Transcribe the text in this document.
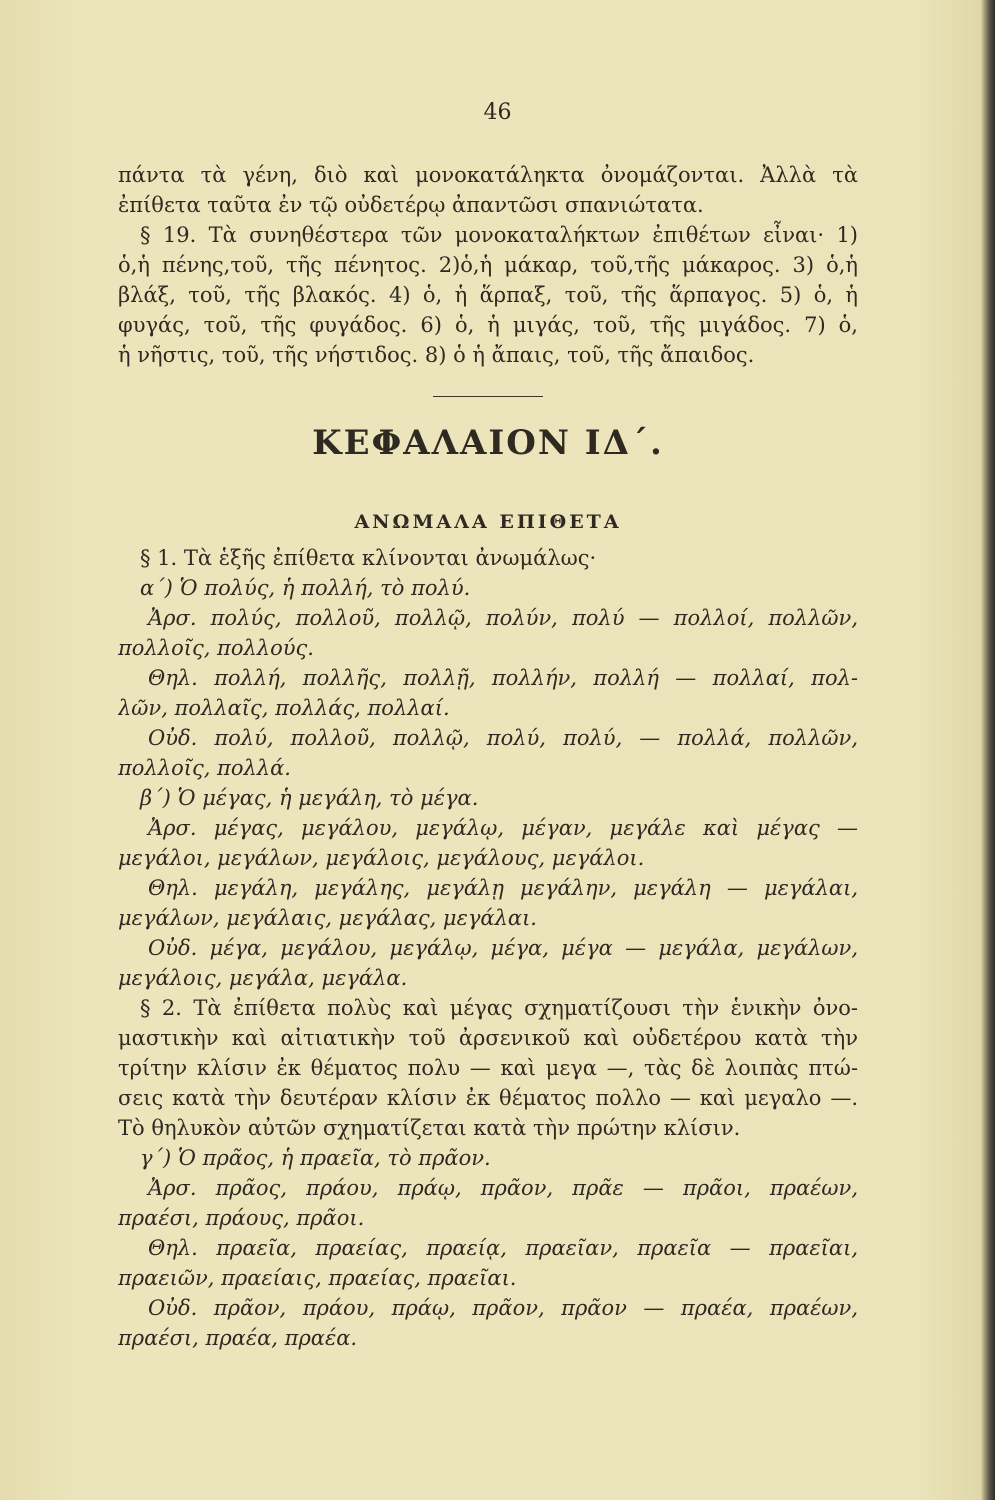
46
πάντα τὰ γένη, διὸ καὶ μονοκατάληκτα ὀνομάζονται. Ἀλλὰ τὰ
ἐπίθετα ταῦτα ἐν τῷ οὐδετέρῳ ἀπαντῶσι σπανιώτατα.
§ 19. Τὰ συνηθέστερα τῶν μονοκαταλήκτων ἐπιθέτων εἶναι· 1)
ὁ,ἡ πένης,τοῦ, τῆς πένητος. 2)ὁ,ἡ μάκαρ, τοῦ,τῆς μάκαρος. 3) ὁ,ἡ
βλάξ, τοῦ, τῆς βλακός. 4) ὁ, ἡ ἅρπαξ, τοῦ, τῆς ἅρπαγος. 5) ὁ, ἡ
φυγάς, τοῦ, τῆς φυγάδος. 6) ὁ, ἡ μιγάς, τοῦ, τῆς μιγάδος. 7) ὁ,
ἡ νῆστις, τοῦ, τῆς νήστιδος. 8) ὁ ἡ ἄπαις, τοῦ, τῆς ἄπαιδος.
ΚΕΦΑΛΑΙΟΝ ΙΔ΄.
ΑΝΩΜΑΛΑ ΕΠΙΘΕΤΑ
§ 1. Τὰ ἑξῆς ἐπίθετα κλίνονται ἀνωμάλως·
α΄) Ὁ πολύς, ἡ πολλή, τὸ πολύ.
Ἀρσ. πολύς, πολλοῦ, πολλῷ, πολύν, πολύ — πολλοί, πολλῶν,
πολλοῖς, πολλούς.
Θηλ. πολλή, πολλῆς, πολλῇ, πολλήν, πολλή — πολλαί, πολ-
λῶν, πολλαῖς, πολλάς, πολλαί.
Οὐδ. πολύ, πολλοῦ, πολλῷ, πολύ, πολύ, — πολλά, πολλῶν,
πολλοῖς, πολλά.
β΄) Ὁ μέγας, ἡ μεγάλη, τὸ μέγα.
Ἀρσ. μέγας, μεγάλου, μεγάλῳ, μέγαν, μεγάλε καὶ μέγας —
μεγάλοι, μεγάλων, μεγάλοις, μεγάλους, μεγάλοι.
Θηλ. μεγάλη, μεγάλης, μεγάλῃ μεγάλην, μεγάλη — μεγάλαι,
μεγάλων, μεγάλαις, μεγάλας, μεγάλαι.
Οὐδ. μέγα, μεγάλου, μεγάλῳ, μέγα, μέγα — μεγάλα, μεγάλων,
μεγάλοις, μεγάλα, μεγάλα.
§ 2. Τὰ ἐπίθετα πολὺς καὶ μέγας σχηματίζουσι τὴν ἑνικὴν ὀνο-
μαστικὴν καὶ αἰτιατικὴν τοῦ ἀρσενικοῦ καὶ οὐδετέρου κατὰ τὴν
τρίτην κλίσιν ἐκ θέματος πολυ — καὶ μεγα —, τὰς δὲ λοιπὰς πτώ-
σεις κατὰ τὴν δευτέραν κλίσιν ἐκ θέματος πολλο — καὶ μεγαλο —.
Τὸ θηλυκὸν αὐτῶν σχηματίζεται κατὰ τὴν πρώτην κλίσιν.
γ΄) Ὁ πρᾶος, ἡ πραεῖα, τὸ πρᾶον.
Ἀρσ. πρᾶος, πράου, πράῳ, πρᾶον, πρᾶε — πρᾶοι, πραέων,
πραέσι, πράους, πρᾶοι.
Θηλ. πραεῖα, πραείας, πραείᾳ, πραεῖαν, πραεῖα — πραεῖαι,
πραειῶν, πραείαις, πραείας, πραεῖαι.
Οὐδ. πρᾶον, πράου, πράῳ, πρᾶον, πρᾶον — πραέα, πραέων,
πραέσι, πραέα, πραέα.
